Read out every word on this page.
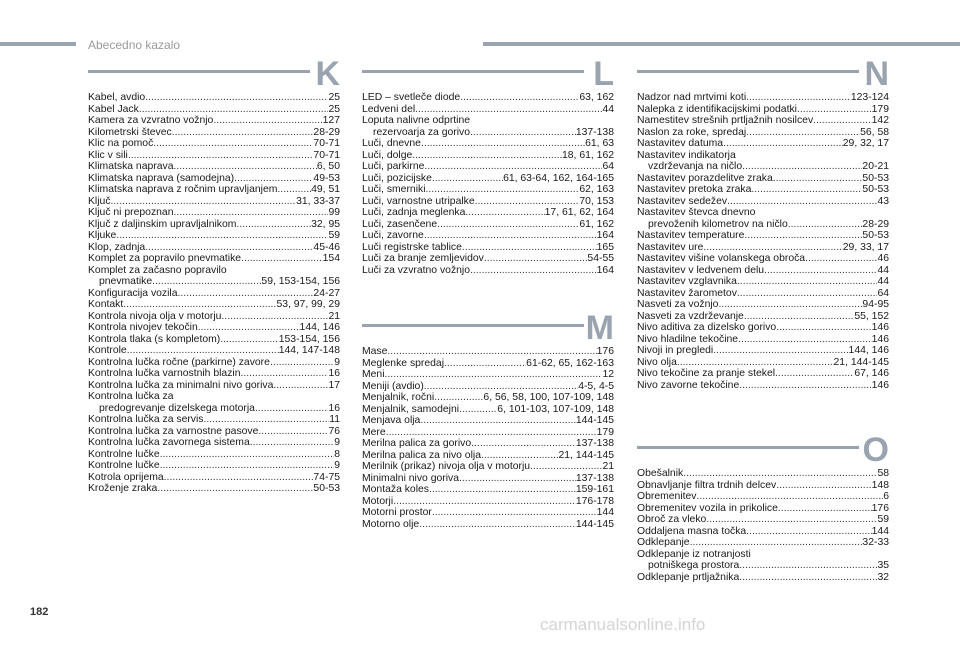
Abecedno kazalo
K
Kabel, avdio .....	25
Kabel Jack .....	25
Kamera za vzvratno vožnjo .....	127
Kilometrski števec .....	28-29
Klic na pomoč .....	70-71
Klic v sili .....	70-71
Klimatska naprava .....	6, 50
Klimatska naprava (samodejna) .....	49-53
Klimatska naprava z ročnim upravljanjem .....	49, 51
Ključ .....	31, 33-37
Ključ ni prepoznan .....	99
Ključ z daljinskim upravljalnikom .....	32, 95
Kljuke .....	59
Klop, zadnja .....	45-46
Komplet za popravilo pnevmatike .....	154
Komplet za začasno popravilo
pnevmatike .....	59, 153-154, 156
Konfiguracija vozila .....	24-27
Kontakt .....	53, 97, 99, 29
Kontrola nivoja olja v motorju .....	21
Kontrola nivojev tekočin .....	144, 146
Kontrola tlaka (s kompletom) .....	153-154, 156
Kontrole .....	144, 147-148
Kontrolna lučka ročne (parkirne) zavore .....	9
Kontrolna lučka varnostnih blazin .....	16
Kontrolna lučka za minimalni nivo goriva .....	17
Kontrolna lučka za
predogrevanje dizelskega motorja .....	16
Kontrolna lučka za servis .....	11
Kontrolna lučka za varnostne pasove .....	76
Kontrolna lučka zavornega sistema .....	9
Kontrolne lučke .....	8
Kontrolne lučke .....	9
Kotrola oprijema .....	74-75
Kroženje zraka .....	50-53
L
LED – svetleče diode .....	63, 162
Ledveni del .....	44
Loputa nalivne odprtine
rezervoarja za gorivo .....	137-138
Luči, dnevne .....	61, 63
Luči, dolge .....	18, 61, 162
Luči, parkirne .....	64
Luči, pozicijske .....	61, 63-64, 162, 164-165
Luči, smerniki .....	62, 163
Luči, varnostne utripalke .....	70, 153
Luči, zadnja meglenka .....	17, 61, 62, 164
Luči, zasenčene .....	61, 162
Luči, zavorne .....	164
Luči registrske tablice .....	165
Luči za branje zemljevidov .....	54-55
Luči za vzvratno vožnjo .....	164
M
Mase .....	176
Meglenke spredaj .....	61-62, 65, 162-163
Meni .....	12
Meniji (avdio) .....	4-5, 4-5
Menjalnik, ročni .....	6, 56, 58, 100, 107-109, 148
Menjalnik, samodejni .....	6, 101-103, 107-109, 148
Menjava olja .....	144-145
Mere .....	179
Merilna palica za gorivo .....	137-138
Merilna palica za nivo olja .....	21, 144-145
Merilnik (prikaz) nivoja olja v motorju .....	21
Minimalni nivo goriva .....	137-138
Montaža koles .....	159-161
Motorji .....	176-178
Motorni prostor .....	144
Motorno olje .....	144-145
N
Nadzor nad mrtvimi koti .....	123-124
Nalepka z identifikacijskimi podatki .....	179
Namestitev strešnih prtljažnih nosilcev .....	142
Naslon za roke, spredaj .....	56, 58
Nastavitev datuma .....	29, 32, 17
Nastavitev indikatorja
vzdrževanja na ničlo .....	20-21
Nastavitev porazdelitve zraka .....	50-53
Nastavitev pretoka zraka .....	50-53
Nastavitev sedežev .....	43
Nastavitev števca dnevno
prevoženih kilometrov na ničlo .....	28-29
Nastavitev temperature .....	50-53
Nastavitev ure .....	29, 33, 17
Nastavitev višine volanskega obroča .....	46
Nastavitev v ledvenem delu .....	44
Nastavitev vzglavnika .....	44
Nastavitev žarometov .....	64
Nasveti za vožnjo .....	94-95
Nasveti za vzdrževanje .....	55, 152
Nivo aditiva za dizelsko gorivo .....	146
Nivo hladilne tekočine .....	146
Nivoji in pregledi .....	144, 146
Nivo olja .....	21, 144-145
Nivo tekočine za pranje stekel .....	67, 146
Nivo zavorne tekočine .....	146
O
Obešalnik .....	58
Obnavljanje filtra trdnih delcev .....	148
Obremenitev .....	6
Obremenitev vozila in prikolice .....	176
Obroč za vleko .....	59
Oddaljena masna točka .....	144
Odklepanje .....	32-33
Odklepanje iz notranjosti
potniškega prostora .....	35
Odklepanje prtljažnika .....	32
182
carmanualsonline.info
